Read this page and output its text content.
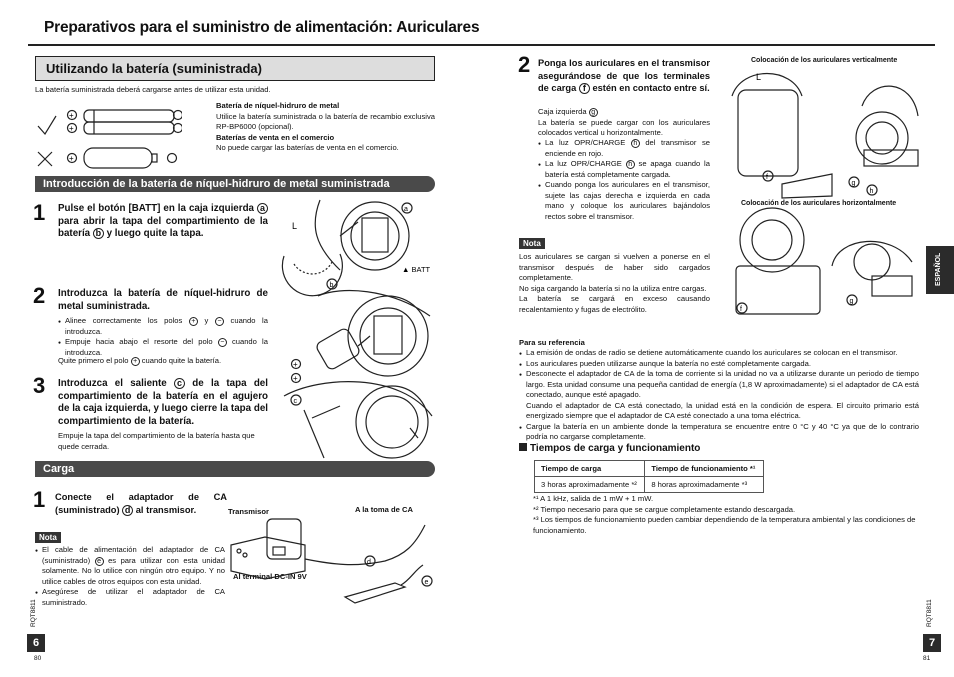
Preparativos para el suministro de alimentación: Auriculares
Utilizando la batería (suministrada)
La batería suministrada deberá cargarse antes de utilizar esta unidad.
+
+
+
Batería de níquel-hidruro de metal
Utilice la batería suministrada o la batería de recambio exclusiva RP-BP6000 (opcional).
Baterías de venta en el comercio
No puede cargar las baterías de venta en el comercio.
Introducción de la batería de níquel-hidruro de metal suministrada
1 Pulse el botón [BATT] en la caja izquierda a para abrir la tapa del compartimiento de la batería b y luego quite la tapa.
2 Introduzca la batería de níquel-hidruro de metal suministrada.
● Alinee correctamente los polos + y − cuando la introduzca.
● Empuje hacia abajo el resorte del polo − cuando la introduzca.
Quite primero el polo + cuando quite la batería.
3 Introduzca el saliente c de la tapa del compartimiento de la batería en el agujero de la caja izquierda, y luego cierre la tapa del compartimiento de la batería.
Empuje la tapa del compartimiento de la batería hasta que quede cerrada.
L
a
▲ BATT
b
+
+
c
Carga
1 Conecte el adaptador de CA (suministrado) d al transmisor.
Nota
● El cable de alimentación del adaptador de CA (suministrado) e es para utilizar con esta unidad solamente. No lo utilice con ningún otro equipo. Y no utilice cables de otros equipos con esta unidad.
● Asegúrese de utilizar el adaptador de CA suministrado.
Transmisor	A la toma de CA
Al terminal DC-IN 9V
d
e
RQT8811
6
80
2 Ponga los auriculares en el transmisor asegurándose de que los terminales de carga f estén en contacto entre sí.
Caja izquierda g
La batería se puede cargar con los auriculares colocados vertical u horizontalmente.
● La luz OPR/CHARGE h del transmisor se enciende en rojo.
● La luz OPR/CHARGE h se apaga cuando la batería está completamente cargada.
● Cuando ponga los auriculares en el transmisor, sujete las cajas derecha e izquierda en cada mano y coloque los auriculares bajándolos rectos sobre el transmisor.
Nota
Los auriculares se cargan si vuelven a ponerse en el transmisor después de haber sido cargados completamente.
No siga cargando la batería si no la utiliza entre cargas.
La batería se cargará en exceso causando recalentamiento y fugas de electrólito.
Colocación de los auriculares verticalmente
Colocación de los auriculares horizontalmente
L
f
g
h
f
g
Para su referencia
● La emisión de ondas de radio se detiene automáticamente cuando los auriculares se colocan en el transmisor.
● Los auriculares pueden utilizarse aunque la batería no esté completamente cargada.
● Desconecte el adaptador de CA de la toma de corriente si la unidad no va a utilizarse durante un periodo de tiempo largo. Esta unidad consume una pequeña cantidad de energía (1,8 W aproximadamente) si el adaptador de CA está conectado, aunque esté apagado.
Cuando el adaptador de CA está conectado, la unidad está en la condición de espera. El circuito primario está energizado siempre que el adaptador de CA esté conectado a una toma eléctrica.
● Cargue la batería en un ambiente donde la temperatura se encuentre entre 0 °C y 40 °C ya que de lo contrario podría no cargarse completamente.
Tiempos de carga y funcionamiento
Tiempo de carga	Tiempo de funcionamiento *¹
3 horas aproximadamente *²	8 horas aproximadamente *³
*¹ A 1 kHz, salida de 1 mW + 1 mW.
*² Tiempo necesario para que se cargue completamente estando descargada.
*³ Los tiempos de funcionamiento pueden cambiar dependiendo de la temperatura ambiental y las condiciones de funcionamiento.
ESPAÑOL
RQT8811
7
81
